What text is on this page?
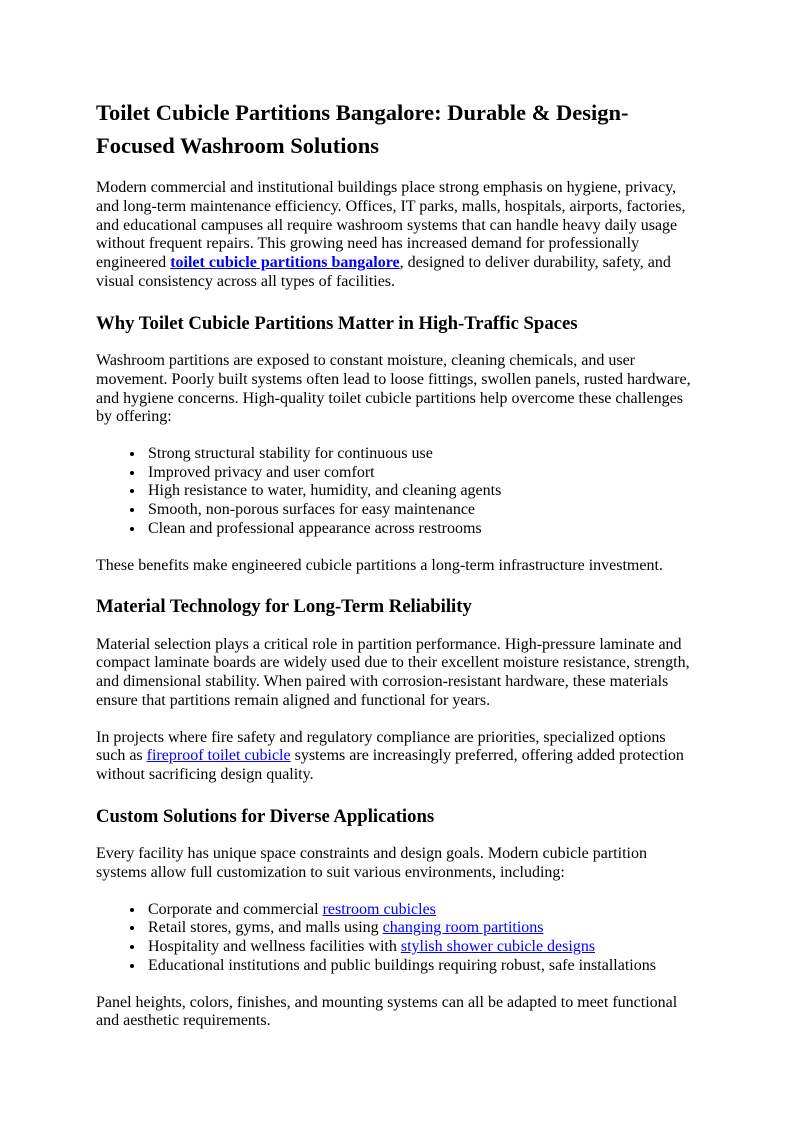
Toilet Cubicle Partitions Bangalore: Durable & Design-Focused Washroom Solutions

Modern commercial and institutional buildings place strong emphasis on hygiene, privacy, and long-term maintenance efficiency. Offices, IT parks, malls, hospitals, airports, factories, and educational campuses all require washroom systems that can handle heavy daily usage without frequent repairs. This growing need has increased demand for professionally engineered toilet cubicle partitions bangalore, designed to deliver durability, safety, and visual consistency across all types of facilities.

Why Toilet Cubicle Partitions Matter in High-Traffic Spaces

Washroom partitions are exposed to constant moisture, cleaning chemicals, and user movement. Poorly built systems often lead to loose fittings, swollen panels, rusted hardware, and hygiene concerns. High-quality toilet cubicle partitions help overcome these challenges by offering:

• Strong structural stability for continuous use
• Improved privacy and user comfort
• High resistance to water, humidity, and cleaning agents
• Smooth, non-porous surfaces for easy maintenance
• Clean and professional appearance across restrooms

These benefits make engineered cubicle partitions a long-term infrastructure investment.

Material Technology for Long-Term Reliability

Material selection plays a critical role in partition performance. High-pressure laminate and compact laminate boards are widely used due to their excellent moisture resistance, strength, and dimensional stability. When paired with corrosion-resistant hardware, these materials ensure that partitions remain aligned and functional for years.

In projects where fire safety and regulatory compliance are priorities, specialized options such as fireproof toilet cubicle systems are increasingly preferred, offering added protection without sacrificing design quality.

Custom Solutions for Diverse Applications

Every facility has unique space constraints and design goals. Modern cubicle partition systems allow full customization to suit various environments, including:

• Corporate and commercial restroom cubicles
• Retail stores, gyms, and malls using changing room partitions
• Hospitality and wellness facilities with stylish shower cubicle designs
• Educational institutions and public buildings requiring robust, safe installations

Panel heights, colors, finishes, and mounting systems can all be adapted to meet functional and aesthetic requirements.
